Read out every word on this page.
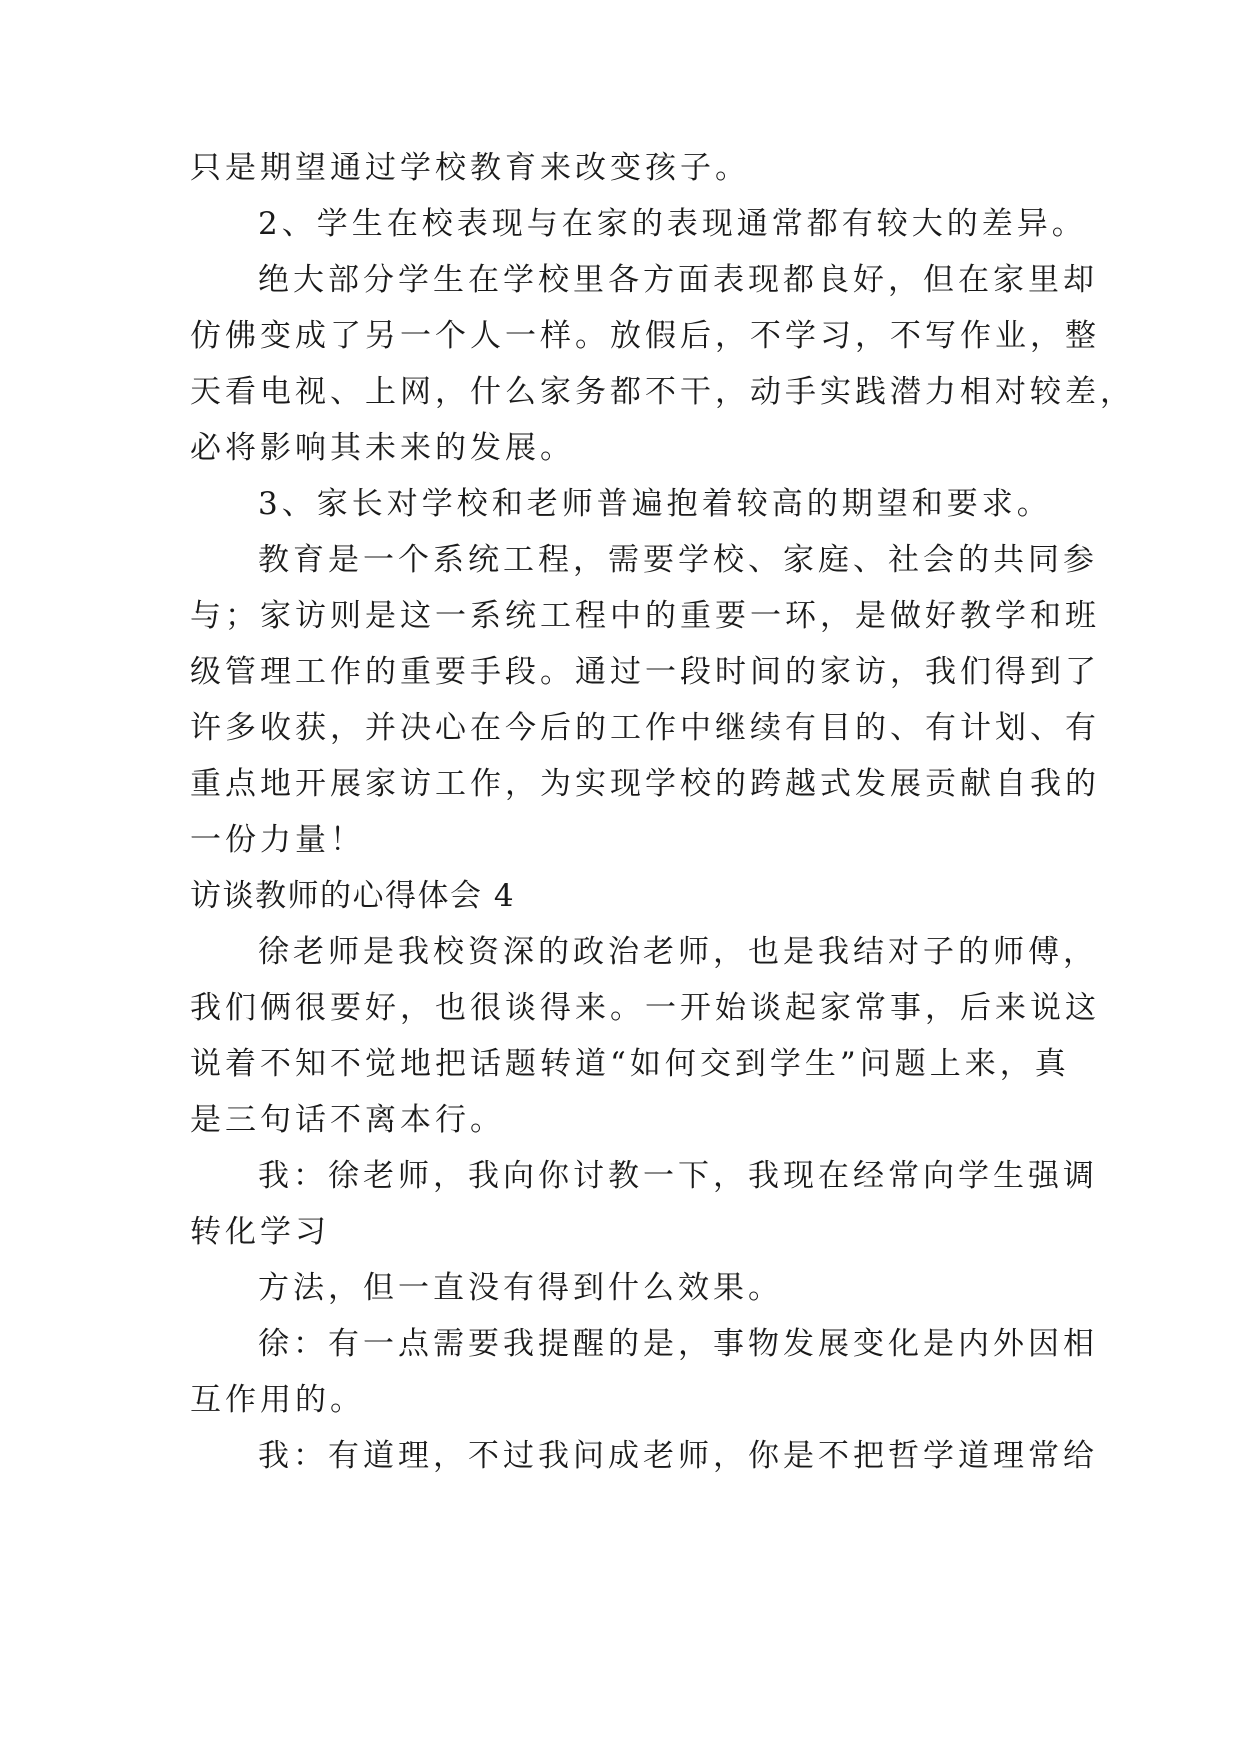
只是期望通过学校教育来改变孩子。
2、学生在校表现与在家的表现通常都有较大的差异。
绝大部分学生在学校里各方面表现都良好，但在家里却
仿佛变成了另一个人一样。放假后，不学习，不写作业，整
天看电视、上网，什么家务都不干，动手实践潜力相对较差，
必将影响其未来的发展。
3、家长对学校和老师普遍抱着较高的期望和要求。
教育是一个系统工程，需要学校、家庭、社会的共同参
与；家访则是这一系统工程中的重要一环，是做好教学和班
级管理工作的重要手段。通过一段时间的家访，我们得到了
许多收获，并决心在今后的工作中继续有目的、有计划、有
重点地开展家访工作，为实现学校的跨越式发展贡献自我的
一份力量！
访谈教师的心得体会 4
徐老师是我校资深的政治老师，也是我结对子的师傅，
我们俩很要好，也很谈得来。一开始谈起家常事，后来说这
说着不知不觉地把话题转道“如何交到学生”问题上来，真
是三句话不离本行。
我：徐老师，我向你讨教一下，我现在经常向学生强调
转化学习
方法，但一直没有得到什么效果。
徐：有一点需要我提醒的是，事物发展变化是内外因相
互作用的。
我：有道理，不过我问成老师，你是不把哲学道理常给
